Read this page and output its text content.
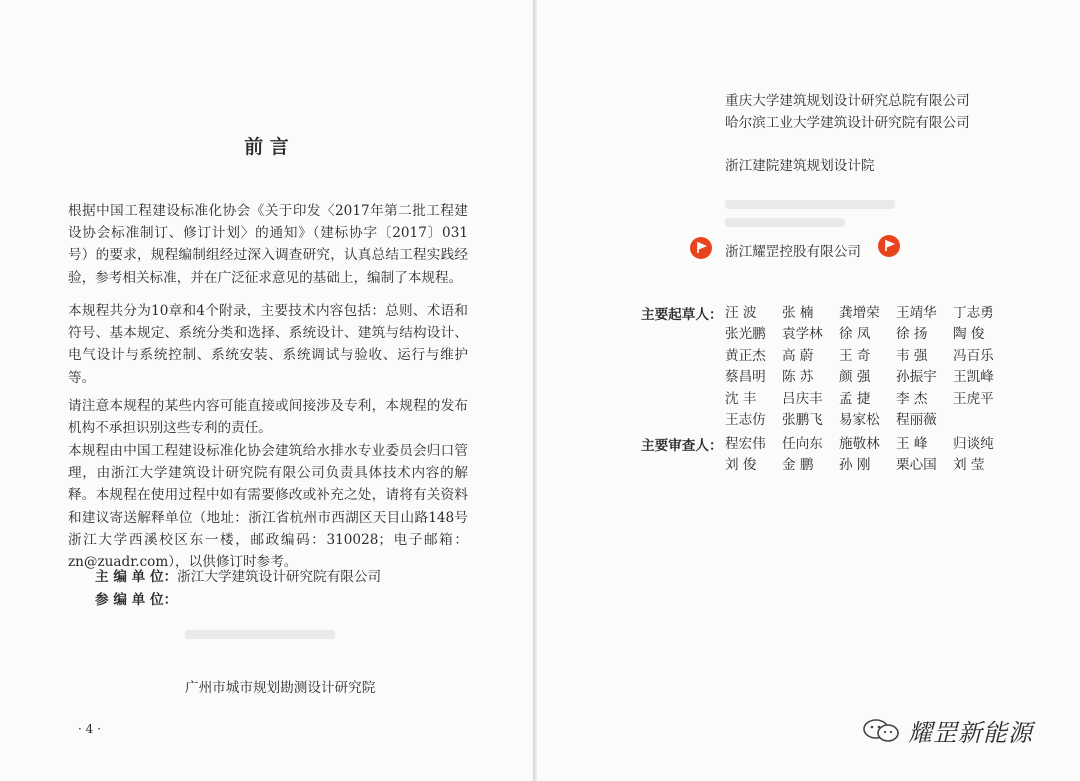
前 言
根据中国工程建设标准化协会《关于印发〈2017年第二批工程建设协会标准制订、修订计划〉的通知》（建标协字〔2017〕031号）的要求，规程编制组经过深入调查研究，认真总结工程实践经验，参考相关标准，并在广泛征求意见的基础上，编制了本规程。
本规程共分为10章和4个附录，主要技术内容包括：总则、术语和符号、基本规定、系统分类和选择、系统设计、建筑与结构设计、电气设计与系统控制、系统安装、系统调试与验收、运行与维护等。
请注意本规程的某些内容可能直接或间接涉及专利，本规程的发布机构不承担识别这些专利的责任。
本规程由中国工程建设标准化协会建筑给水排水专业委员会归口管理，由浙江大学建筑设计研究院有限公司负责具体技术内容的解释。本规程在使用过程中如有需要修改或补充之处，请将有关资料和建议寄送解释单位（地址：浙江省杭州市西湖区天目山路148号浙江大学西溪校区东一楼，邮政编码：310028；电子邮箱：zn@zuadr.com），以供修订时参考。
主 编 单 位：浙江大学建筑设计研究院有限公司
参 编 单 位：
广州市城市规划勘测设计研究院
· 4 ·
重庆大学建筑规划设计研究总院有限公司
哈尔滨工业大学建筑设计研究院有限公司
浙江建院建筑规划设计院
浙江耀罡控股有限公司
主要起草人： 汪 波	张 楠	龚增荣	王靖华	丁志勇
张光鹏	袁学林	徐 凤	徐 扬	陶 俊
黄正杰	高 蔚	王 奇	韦 强	冯百乐
蔡昌明	陈 苏	颜 强	孙振宇	王凯峰
沈 丰	吕庆丰	孟 捷	李 杰	王虎平
王志仿	张鹏飞	易家松	程丽薇
主要审查人： 程宏伟	任向东	施敬林	王 峰	归谈纯
刘 俊	金 鹏	孙 刚	栗心国	刘 莹
耀罡新能源
